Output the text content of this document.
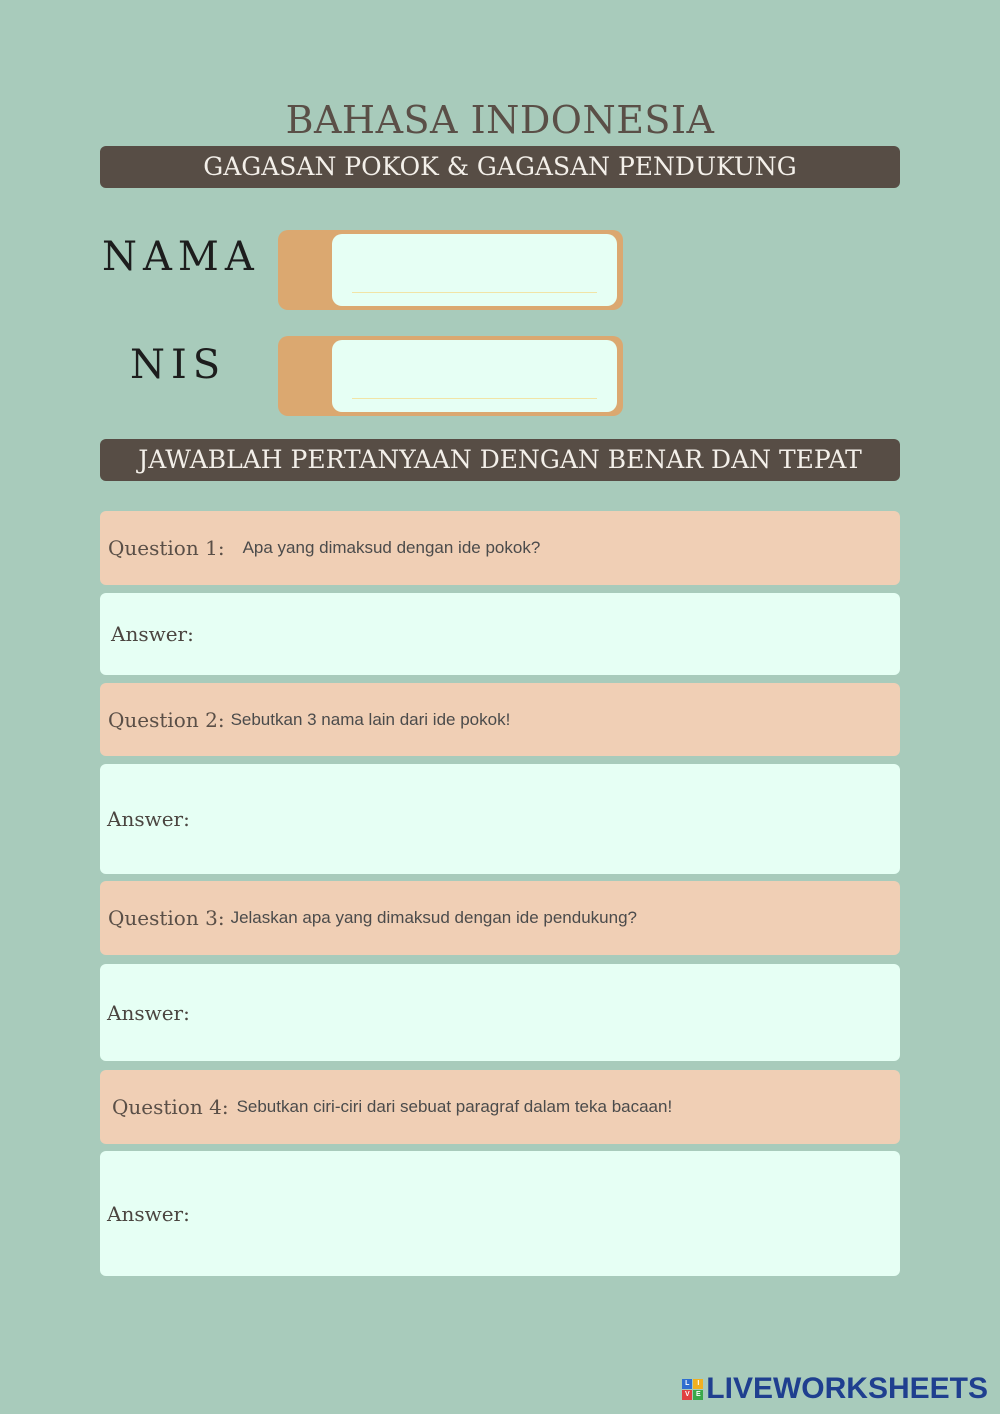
BAHASA INDONESIA
GAGASAN POKOK & GAGASAN PENDUKUNG
NAMA
NIS
JAWABLAH PERTANYAAN DENGAN BENAR DAN TEPAT
Question 1: Apa yang dimaksud dengan ide pokok?
Answer:
Question 2: Sebutkan 3 nama lain dari ide pokok!
Answer:
Question 3: Jelaskan apa yang dimaksud dengan ide pendukung?
Answer:
Question 4: Sebutkan ciri-ciri dari sebuat paragraf dalam teka bacaan!
Answer:
L	I
V E LIVEWORKSHEETS
